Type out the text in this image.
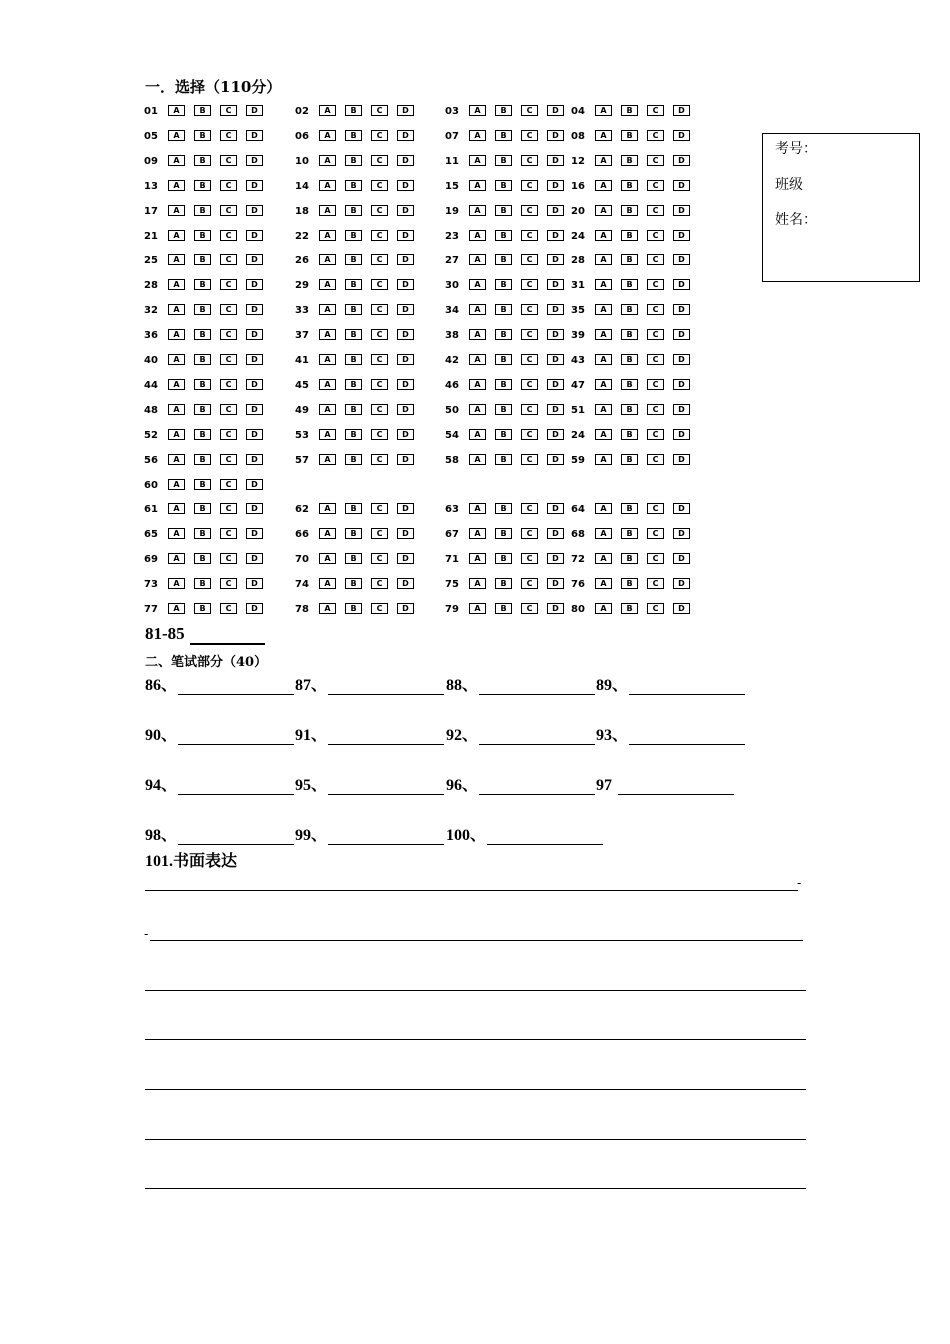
一．选择（110分）
01	A	B	C	D	02	A	B	C	D	03	A	B	C	D	04	A	B	C	D
05	A	B	C	D	06	A	B	C	D	07	A	B	C	D	08	A	B	C	D
09	A	B	C	D	10	A	B	C	D	11	A	B	C	D	12	A	B	C	D
13	A	B	C	D	14	A	B	C	D	15	A	B	C	D	16	A	B	C	D
17	A	B	C	D	18	A	B	C	D	19	A	B	C	D	20	A	B	C	D
21	A	B	C	D	22	A	B	C	D	23	A	B	C	D	24	A	B	C	D
25	A	B	C	D	26	A	B	C	D	27	A	B	C	D	28	A	B	C	D
28	A	B	C	D	29	A	B	C	D	30	A	B	C	D	31	A	B	C	D
32	A	B	C	D	33	A	B	C	D	34	A	B	C	D	35	A	B	C	D
36	A	B	C	D	37	A	B	C	D	38	A	B	C	D	39	A	B	C	D
40	A	B	C	D	41	A	B	C	D	42	A	B	C	D	43	A	B	C	D
44	A	B	C	D	45	A	B	C	D	46	A	B	C	D	47	A	B	C	D
48	A	B	C	D	49	A	B	C	D	50	A	B	C	D	51	A	B	C	D
52	A	B	C	D	53	A	B	C	D	54	A	B	C	D	24	A	B	C	D
56	A	B	C	D	57	A	B	C	D	58	A	B	C	D	59	A	B	C	D
60	A	B	C	D
61	A	B	C	D	62	A	B	C	D	63	A	B	C	D	64	A	B	C	D
65	A	B	C	D	66	A	B	C	D	67	A	B	C	D	68	A	B	C	D
69	A	B	C	D	70	A	B	C	D	71	A	B	C	D	72	A	B	C	D
73	A	B	C	D	74	A	B	C	D	75	A	B	C	D	76	A	B	C	D
77	A	B	C	D	78	A	B	C	D	79	A	B	C	D	80	A	B	C	D
考号：
班级
姓名：
81-85
二、笔试部分（40）
86、	87、	88、	89、
90、	91、	92、	93、
94、	95、	96、	97
98、	99、	100、
101.书面表达
-
-
